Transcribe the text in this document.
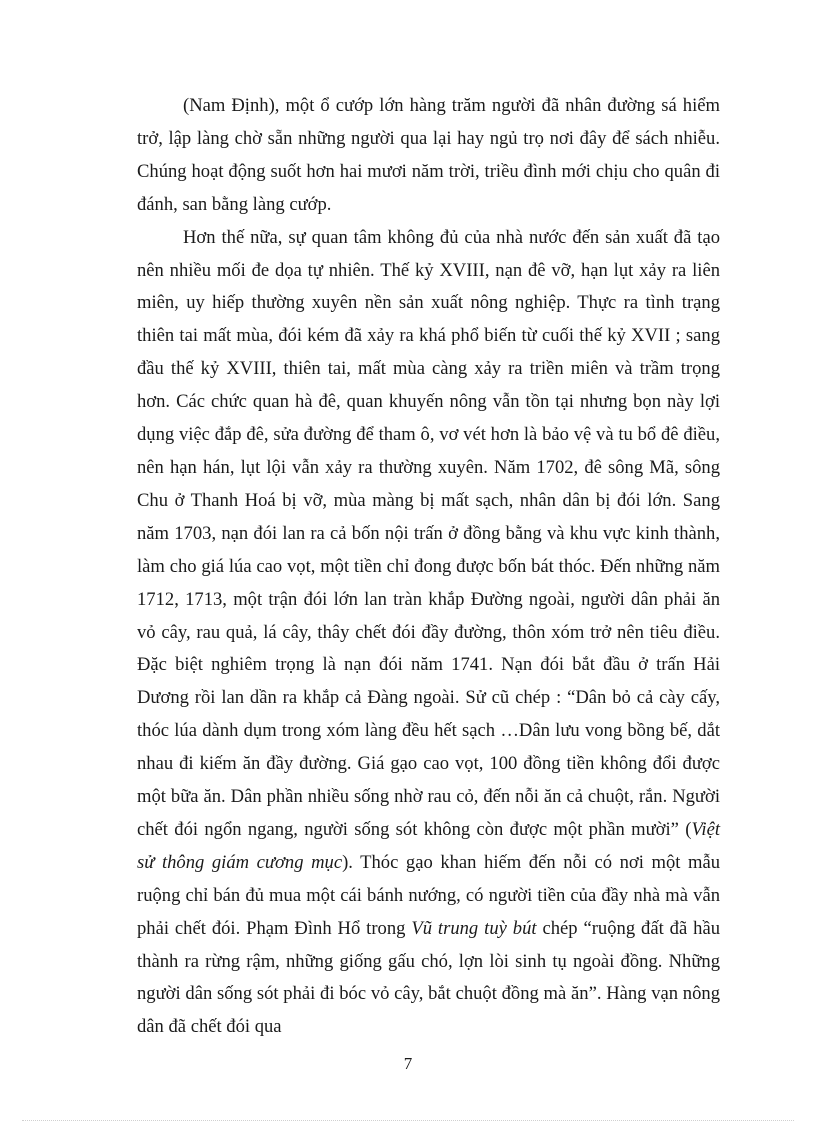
(Nam Định), một ổ cướp lớn hàng trăm người đã nhân đường sá hiểm trở, lập làng chờ sẵn những người qua lại hay ngủ trọ nơi đây để sách nhiễu. Chúng hoạt động suốt hơn hai mươi năm trời, triều đình mới chịu cho quân đi đánh, san bằng làng cướp.

Hơn thế nữa, sự quan tâm không đủ của nhà nước đến sản xuất đã tạo nên nhiều mối đe dọa tự nhiên. Thế kỷ XVIII, nạn đê vỡ, hạn lụt xảy ra liên miên, uy hiếp thường xuyên nền sản xuất nông nghiệp. Thực ra tình trạng thiên tai mất mùa, đói kém đã xảy ra khá phổ biến từ cuối thế kỷ XVII ; sang đầu thế kỷ XVIII, thiên tai, mất mùa càng xảy ra triền miên và trầm trọng hơn. Các chức quan hà đê, quan khuyến nông vẫn tồn tại nhưng bọn này lợi dụng việc đắp đê, sửa đường để tham ô, vơ vét hơn là bảo vệ và tu bổ đê điều, nên hạn hán, lụt lội vẫn xảy ra thường xuyên. Năm 1702, đê sông Mã, sông Chu ở Thanh Hoá bị vỡ, mùa màng bị mất sạch, nhân dân bị đói lớn. Sang năm 1703, nạn đói lan ra cả bốn nội trấn ở đồng bằng và khu vực kinh thành, làm cho giá lúa cao vọt, một tiền chỉ đong được bốn bát thóc. Đến những năm 1712, 1713, một trận đói lớn lan tràn khắp Đường ngoài, người dân phải ăn vỏ cây, rau quả, lá cây, thây chết đói đầy đường, thôn xóm trở nên tiêu điều. Đặc biệt nghiêm trọng là nạn đói năm 1741. Nạn đói bắt đầu ở trấn Hải Dương rồi lan dần ra khắp cả Đàng ngoài. Sử cũ chép : “Dân bỏ cả cày cấy, thóc lúa dành dụm trong xóm làng đều hết sạch …Dân lưu vong bồng bế, dắt nhau đi kiếm ăn đầy đường. Giá gạo cao vọt, 100 đồng tiền không đổi được một bữa ăn. Dân phần nhiều sống nhờ rau cỏ, đến nỗi ăn cả chuột, rắn. Người chết đói ngổn ngang, người sống sót không còn được một phần mười” (Việt sử thông giám cương mục). Thóc gạo khan hiếm đến nỗi có nơi một mẫu ruộng chỉ bán đủ mua một cái bánh nướng, có người tiền của đầy nhà mà vẫn phải chết đói. Phạm Đình Hổ trong Vũ trung tuỳ bút chép “ruộng đất đã hầu thành ra rừng rậm, những giống gấu chó, lợn lòi sinh tụ ngoài đồng. Những người dân sống sót phải đi bóc vỏ cây, bắt chuột đồng mà ăn”. Hàng vạn nông dân đã chết đói qua

7
